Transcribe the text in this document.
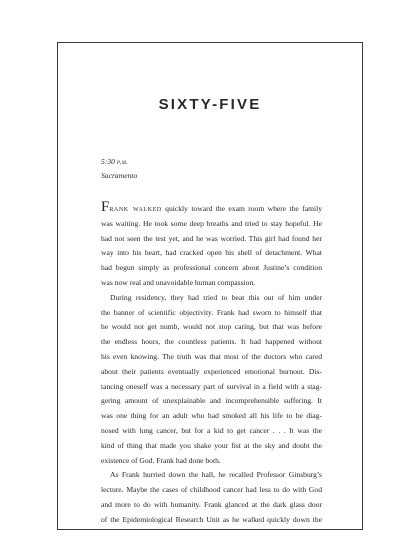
SIXTY-FIVE
5:30 p.m.
Sacramento
Frank walked quickly toward the exam room where the family
was waiting. He took some deep breaths and tried to stay hopeful. He
had not seen the test yet, and he was worried. This girl had found her
way into his heart, had cracked open his shell of detachment. What
had begun simply as professional concern about Justine’s condition
was now real and unavoidable human compassion.
During residency, they had tried to beat this out of him under
the banner of scientific objectivity. Frank had sworn to himself that
he would not get numb, would not stop caring, but that was before
the endless hours, the countless patients. It had happened without
his even knowing. The truth was that most of the doctors who cared
about their patients eventually experienced emotional burnout. Dis-
tancing oneself was a necessary part of survival in a field with a stag-
gering amount of unexplainable and incomprehensible suffering. It
was one thing for an adult who had smoked all his life to be diag-
nosed with lung cancer, but for a kid to get cancer . . . It was the
kind of thing that made you shake your fist at the sky and doubt the
existence of God. Frank had done both.
As Frank hurried down the hall, he recalled Professor Ginsburg’s
lecture. Maybe the cases of childhood cancer had less to do with God
and more to do with humanity. Frank glanced at the dark glass door
of the Epidemiological Research Unit as he walked quickly down the
